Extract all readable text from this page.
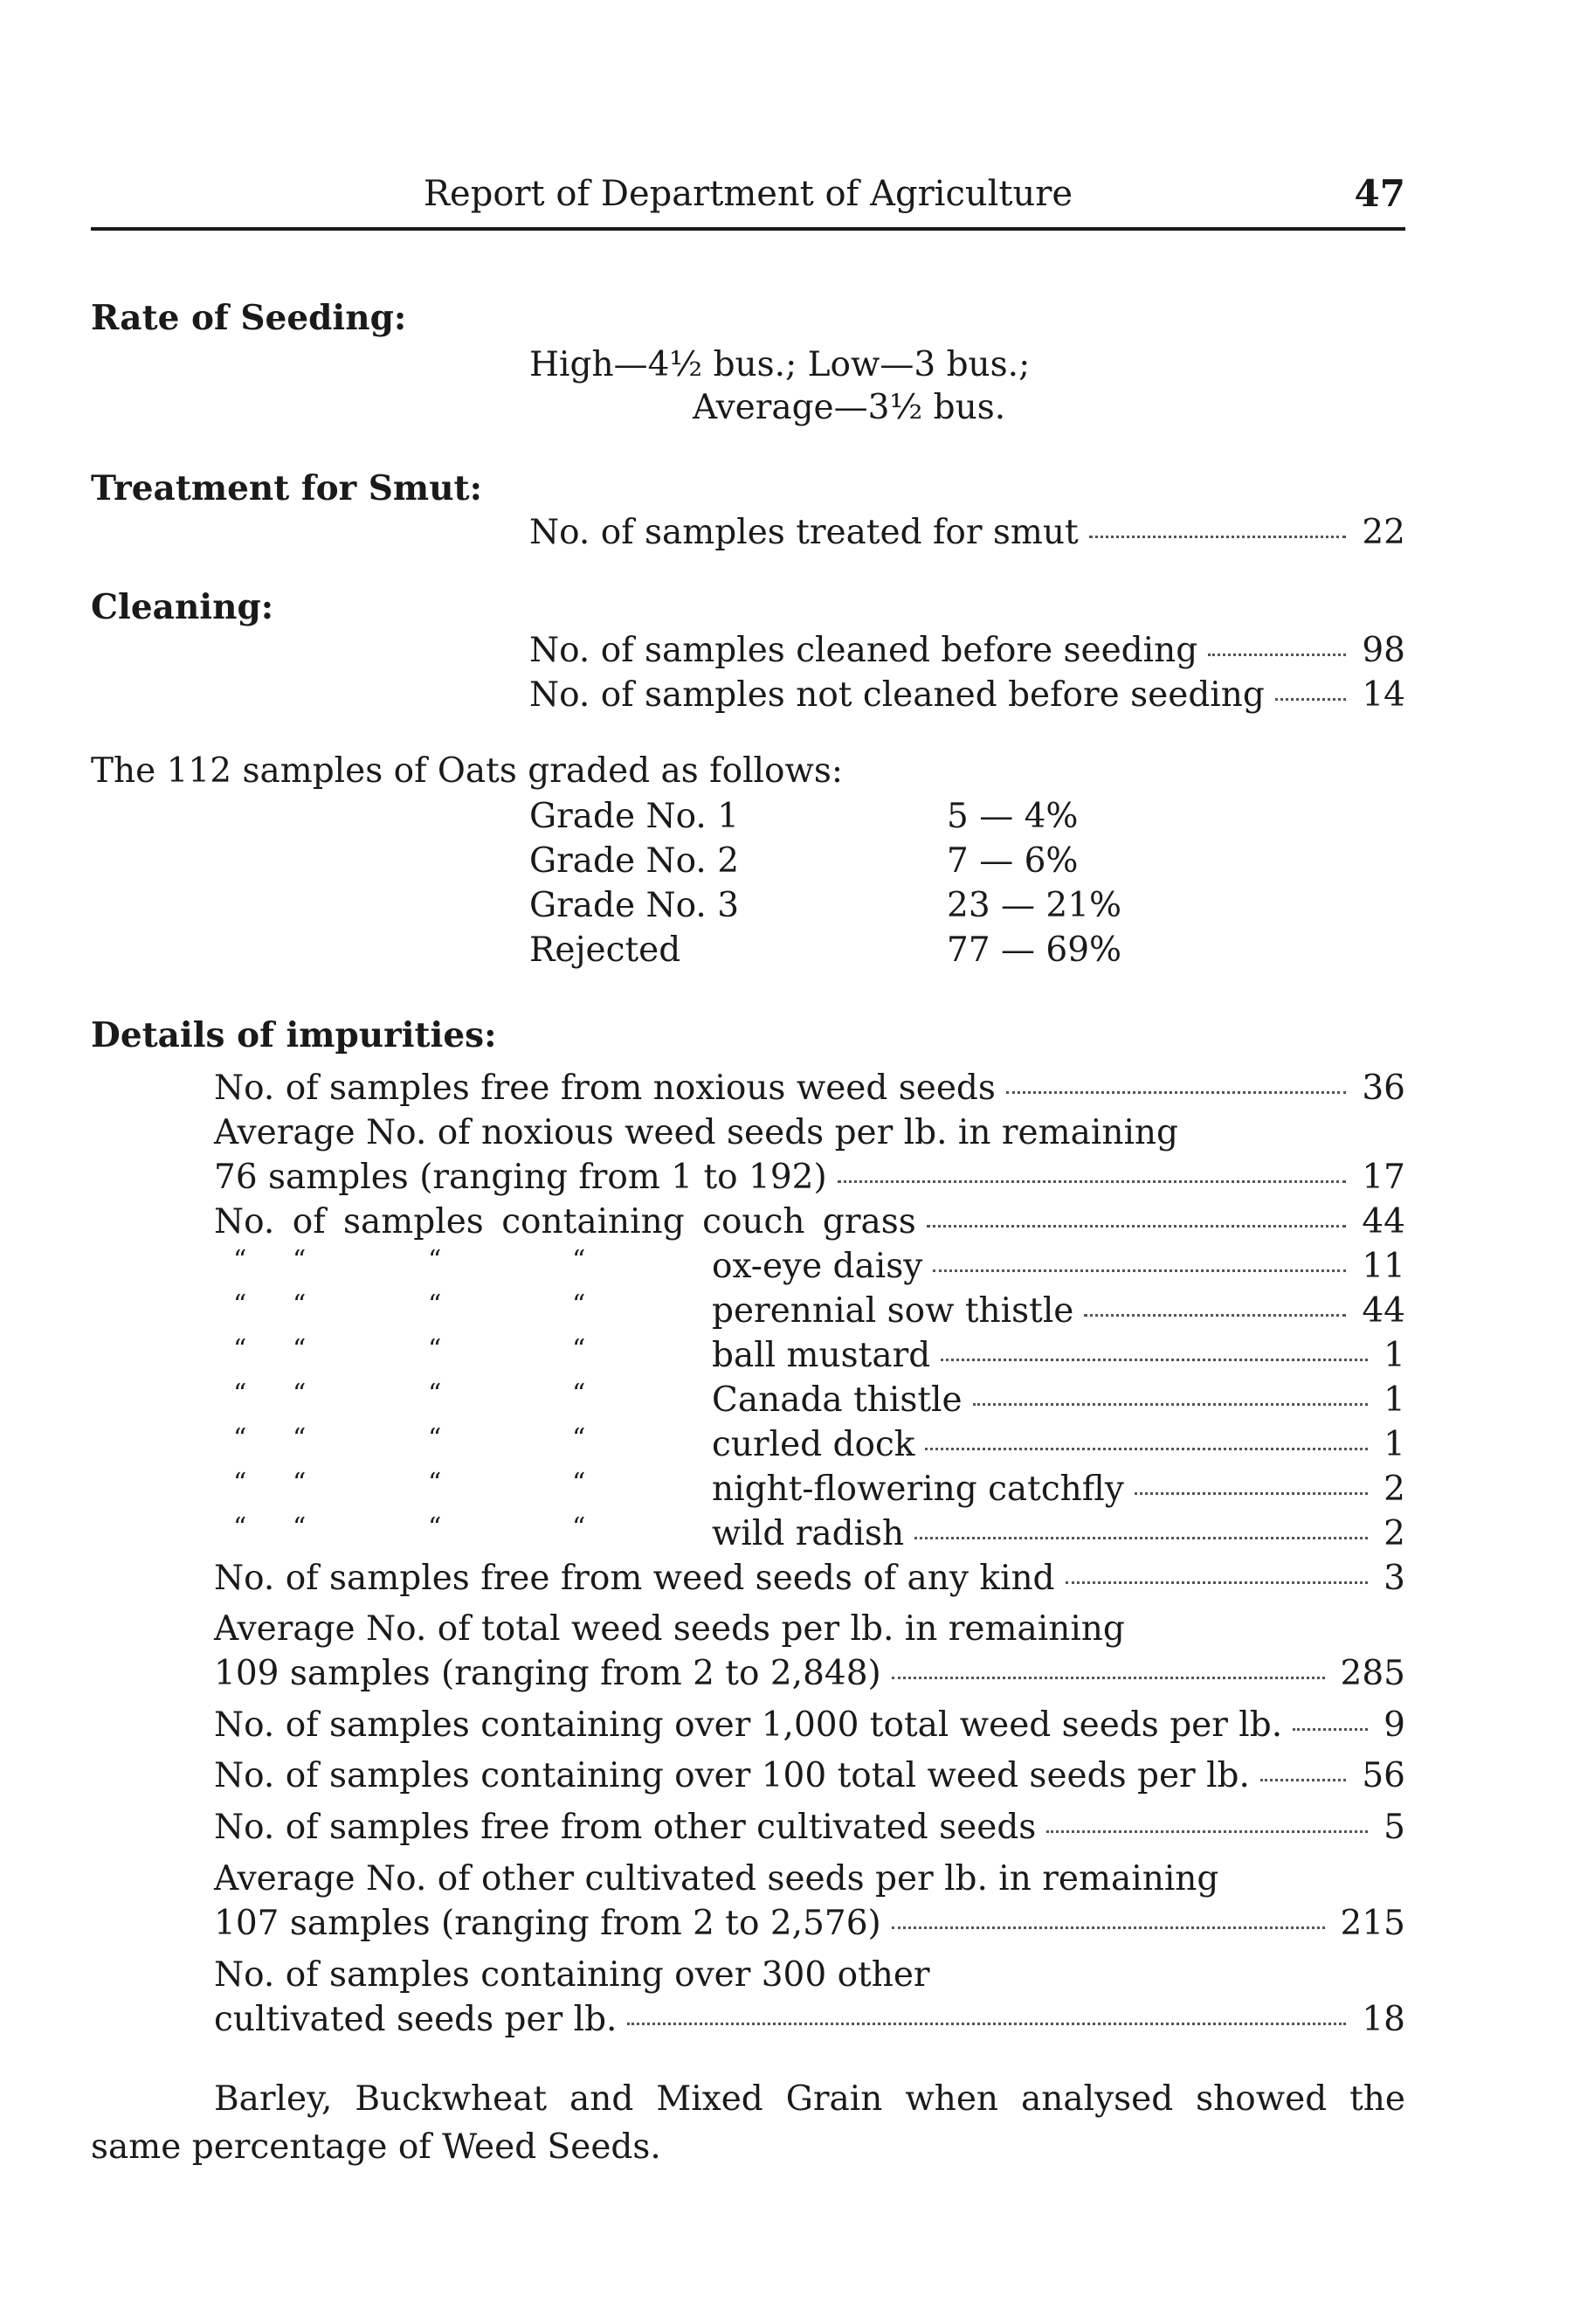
Report of Department of Agriculture	47
Rate of Seeding:
High—4½ bus.; Low—3 bus.;
Average—3½ bus.
Treatment for Smut:
No. of samples treated for smut	22
Cleaning:
No. of samples cleaned before seeding	98
No. of samples not cleaned before seeding	14
The 112 samples of Oats graded as follows:
Grade No. 1	5 — 4%
Grade No. 2	7 — 6%
Grade No. 3	23 — 21%
Rejected	77 — 69%
Details of impurities:
No. of samples free from noxious weed seeds	36
Average No. of noxious weed seeds per lb. in remaining
76 samples (ranging from 1 to 192)	17
No. of samples containing couch grass	44
“ “	“	“	ox-eye daisy	11
“ “	“	“	perennial sow thistle	44
“ “	“	“	ball mustard	1
“ “	“	“	Canada thistle	1
“ “	“	“	curled dock	1
“ “	“	“	night-flowering catchfly	2
“ “	“	“	wild radish	2
No. of samples free from weed seeds of any kind	3
Average No. of total weed seeds per lb. in remaining
109 samples (ranging from 2 to 2,848)	285
No. of samples containing over 1,000 total weed seeds per lb.	9
No. of samples containing over 100 total weed seeds per lb.	56
No. of samples free from other cultivated seeds	5
Average No. of other cultivated seeds per lb. in remaining
107 samples (ranging from 2 to 2,576)	215
No. of samples containing over 300 other
cultivated seeds per lb.	18
Barley, Buckwheat and Mixed Grain when analysed showed the same percentage of Weed Seeds.
